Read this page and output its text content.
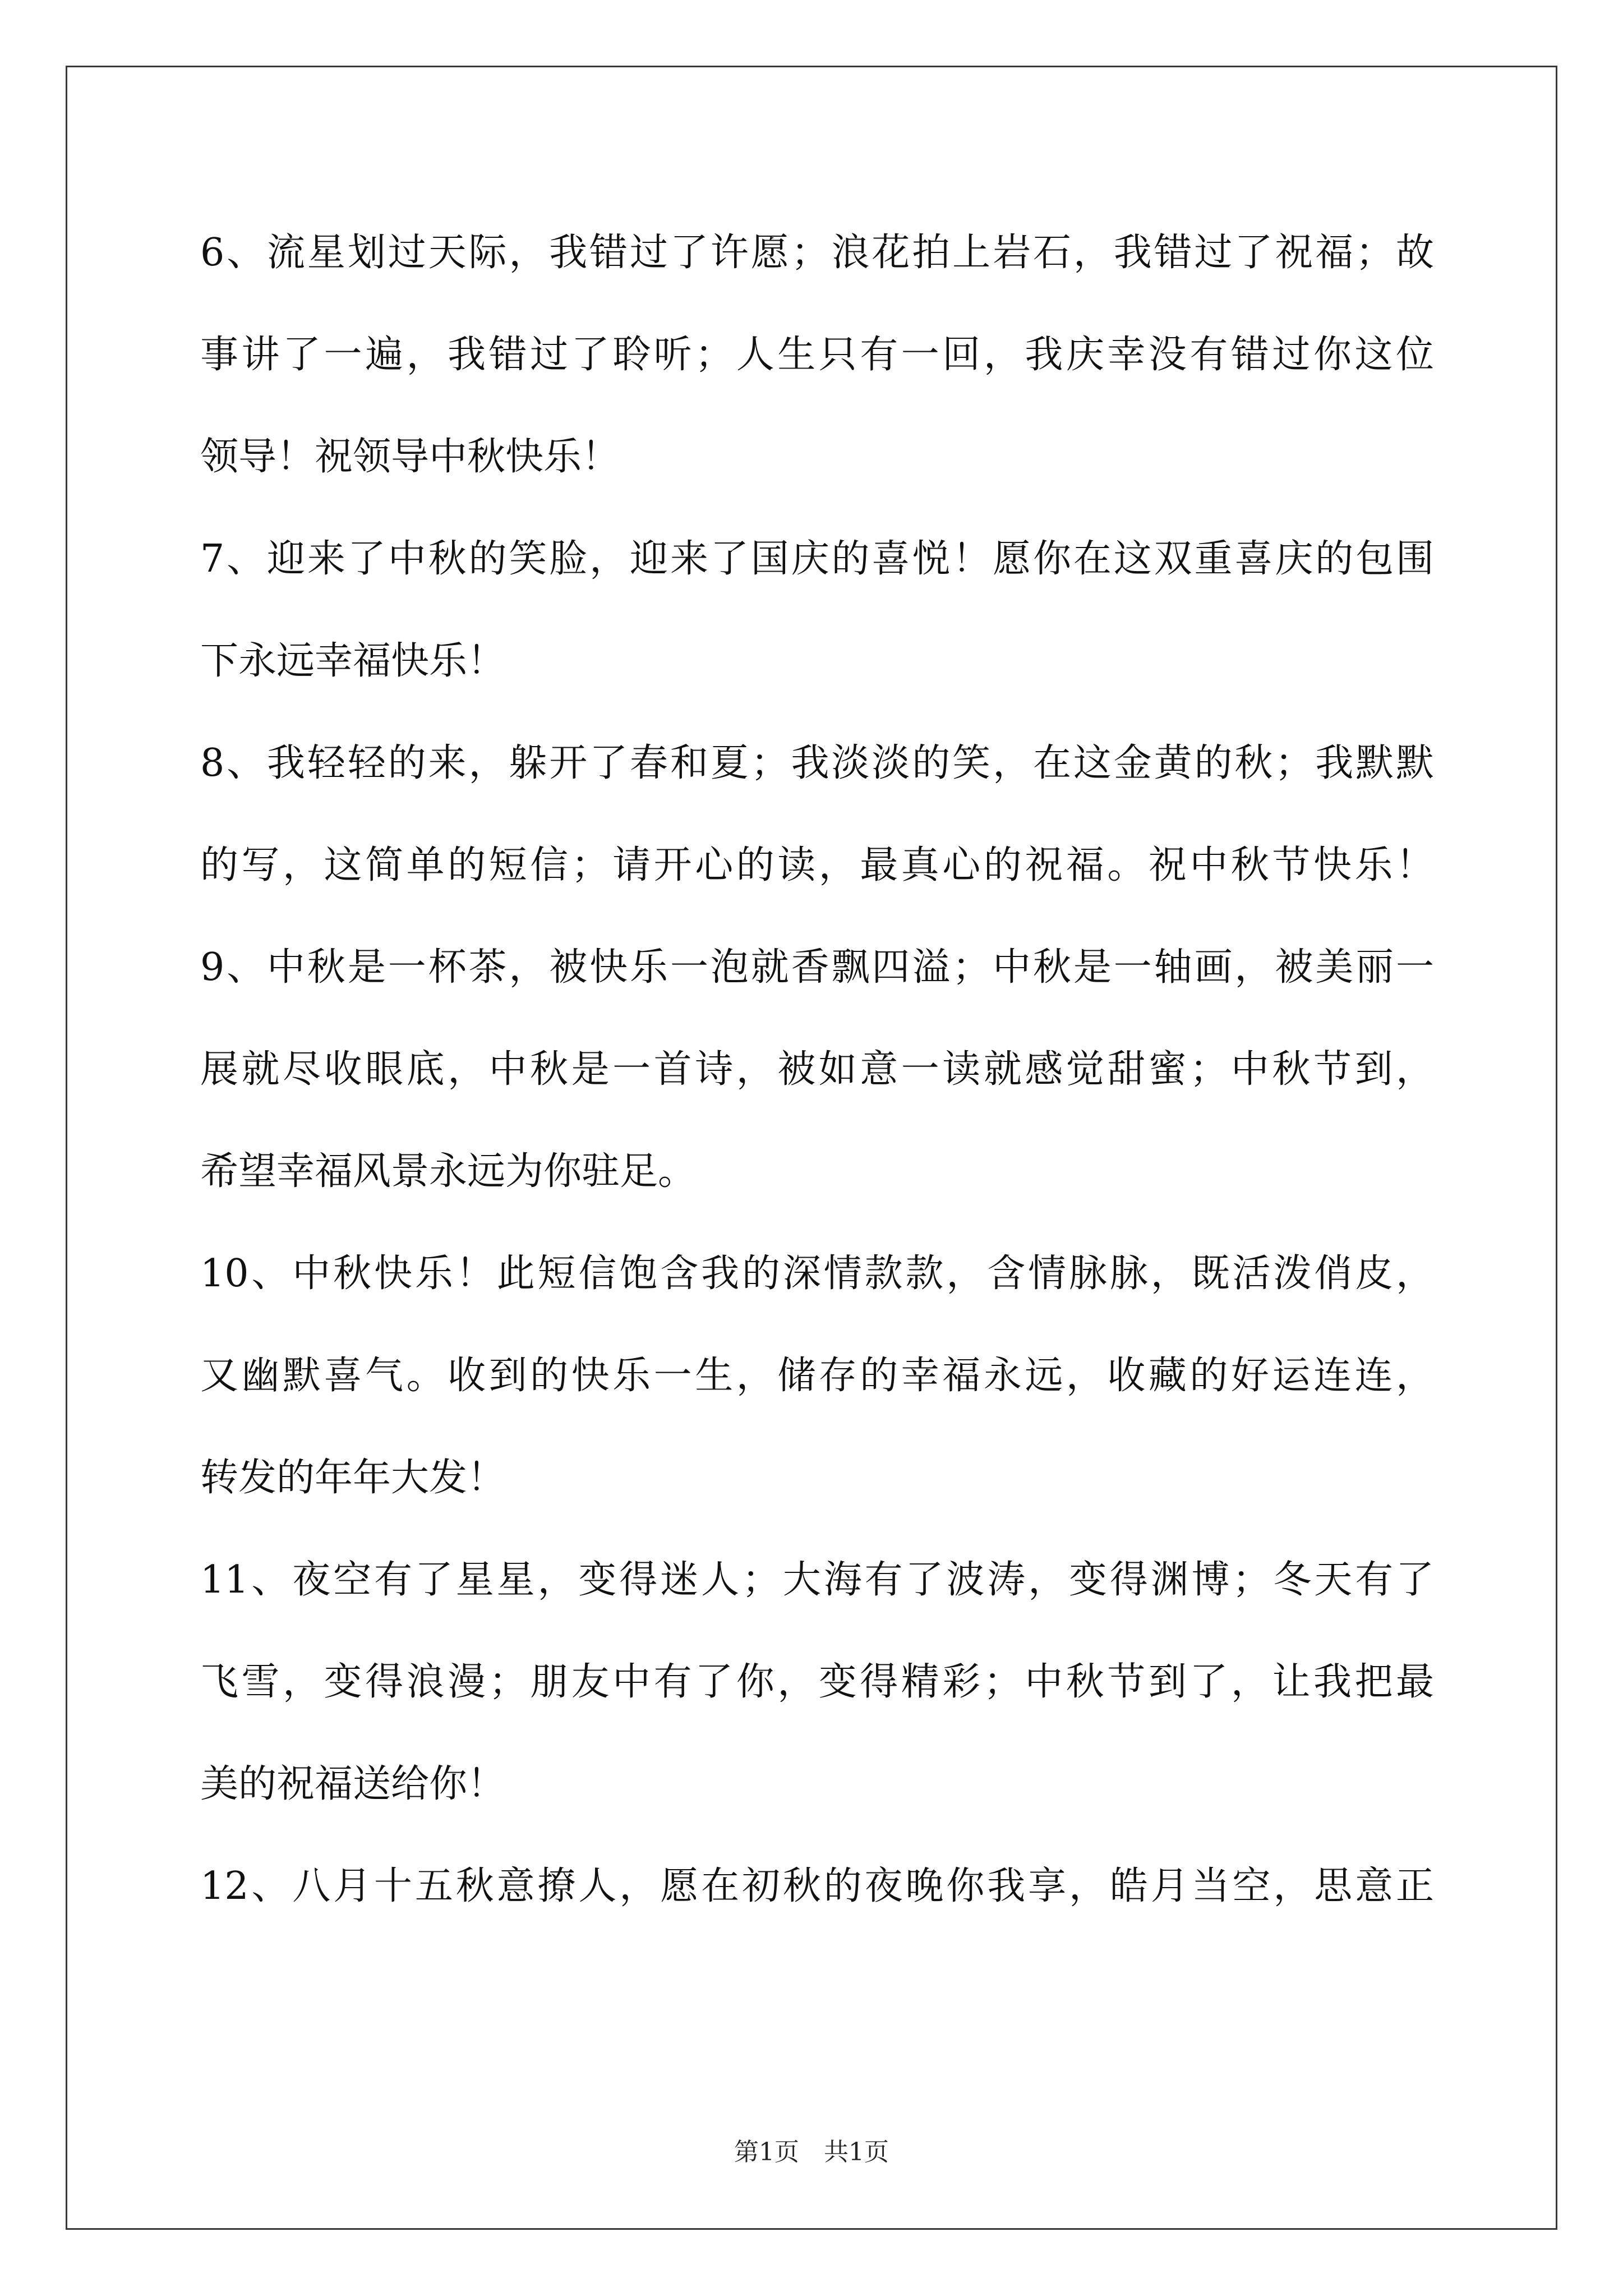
6、流星划过天际，我错过了许愿；浪花拍上岩石，我错过了祝福；故
事讲了一遍，我错过了聆听；人生只有一回，我庆幸没有错过你这位
领导！祝领导中秋快乐！
7、迎来了中秋的笑脸，迎来了国庆的喜悦！愿你在这双重喜庆的包围
下永远幸福快乐！
8、我轻轻的来，躲开了春和夏；我淡淡的笑，在这金黄的秋；我默默
的写，这简单的短信；请开心的读，最真心的祝福。祝中秋节快乐！
9、中秋是一杯茶，被快乐一泡就香飘四溢；中秋是一轴画，被美丽一
展就尽收眼底，中秋是一首诗，被如意一读就感觉甜蜜；中秋节到，
希望幸福风景永远为你驻足。
10、中秋快乐！此短信饱含我的深情款款，含情脉脉，既活泼俏皮，
又幽默喜气。收到的快乐一生，储存的幸福永远，收藏的好运连连，
转发的年年大发！
11、夜空有了星星，变得迷人；大海有了波涛，变得渊博；冬天有了
飞雪，变得浪漫；朋友中有了你，变得精彩；中秋节到了，让我把最
美的祝福送给你！
12、八月十五秋意撩人，愿在初秋的夜晚你我享，皓月当空，思意正
第1页　共1页
